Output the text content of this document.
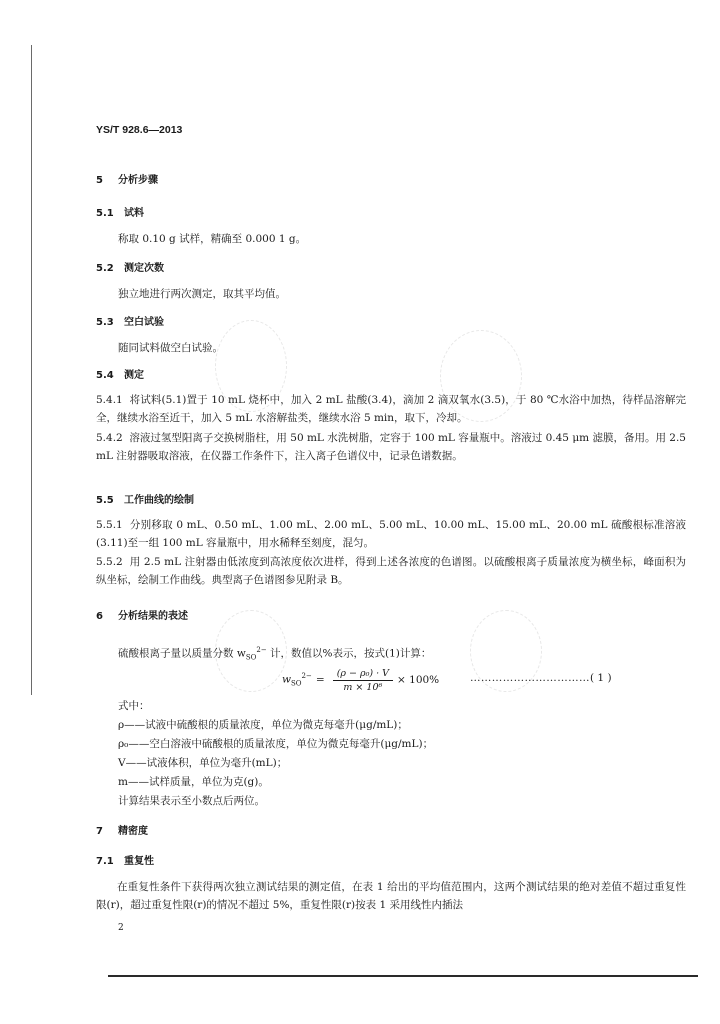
YS/T 928.6—2013
5 分析步骤
5.1 试料
称取 0.10 g 试样，精确至 0.000 1 g。
5.2 测定次数
独立地进行两次测定，取其平均值。
5.3 空白试验
随同试料做空白试验。
5.4 测定
5.4.1 将试料(5.1)置于 10 mL 烧杯中，加入 2 mL 盐酸(3.4)，滴加 2 滴双氧水(3.5)，于 80 ℃水浴中加热，待样品溶解完全，继续水浴至近干，加入 5 mL 水溶解盐类，继续水浴 5 min，取下，冷却。
5.4.2 溶液过氢型阳离子交换树脂柱，用 50 mL 水洗树脂，定容于 100 mL 容量瓶中。溶液过 0.45 μm 滤膜，备用。用 2.5 mL 注射器吸取溶液，在仪器工作条件下，注入离子色谱仪中，记录色谱数据。
5.5 工作曲线的绘制
5.5.1 分别移取 0 mL、0.50 mL、1.00 mL、2.00 mL、5.00 mL、10.00 mL、15.00 mL、20.00 mL 硫酸根标准溶液(3.11)至一组 100 mL 容量瓶中，用水稀释至刻度，混匀。
5.5.2 用 2.5 mL 注射器由低浓度到高浓度依次进样，得到上述各浓度的色谱图。以硫酸根离子质量浓度为横坐标，峰面积为纵坐标，绘制工作曲线。典型离子色谱图参见附录 B。
6 分析结果的表述
硫酸根离子量以质量分数 $w_{SO}^{2-}$ 计，数值以%表示，按式(1)计算：
$w_{SO}^{2-} = \frac{\text{(ρ − ρ₀) · V}}{\text{m × 10⁶}} \times 100\%$	…………………………… ( 1 )
式中：
ρ——试液中硫酸根的质量浓度，单位为微克每毫升(μg/mL)；
ρ₀——空白溶液中硫酸根的质量浓度，单位为微克每毫升(μg/mL)；
V——试液体积，单位为毫升(mL)；
m——试样质量，单位为克(g)。
计算结果表示至小数点后两位。
7 精密度
7.1 重复性
在重复性条件下获得两次独立测试结果的测定值，在表 1 给出的平均值范围内，这两个测试结果的绝对差值不超过重复性限(r)，超过重复性限(r)的情况不超过 5%，重复性限(r)按表 1 采用线性内插法
2
